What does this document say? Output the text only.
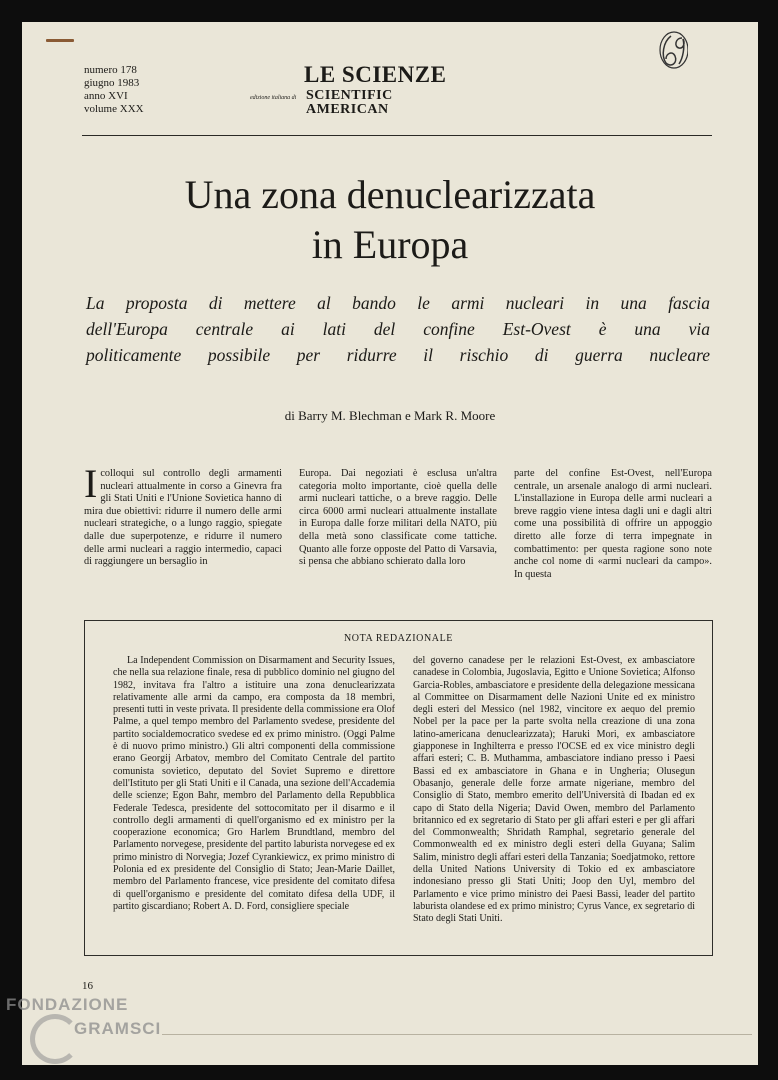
numero 178
giugno 1983
anno XVI
volume XXX
LE SCIENZE
edizione italiana di SCIENTIFIC
AMERICAN
Una zona denuclearizzata
in Europa
La proposta di mettere al bando le armi nucleari in una fascia
dell'Europa centrale ai lati del confine Est-Ovest è una via
politicamente possibile per ridurre il rischio di guerra nucleare
di Barry M. Blechman e Mark R. Moore
Icolloqui sul controllo degli armamenti nucleari attualmente in corso a Ginevra fra gli Stati Uniti e l'Unione Sovietica hanno di mira due obiettivi: ridurre il numero delle armi nucleari strategiche, o a lungo raggio, spiegate dalle due superpotenze, e ridurre il numero delle armi nucleari a raggio intermedio, capaci di raggiungere un bersaglio in
Europa. Dai negoziati è esclusa un'altra categoria molto importante, cioè quella delle armi nucleari tattiche, o a breve raggio. Delle circa 6000 armi nucleari attualmente installate in Europa dalle forze militari della NATO, più della metà sono classificate come tattiche. Quanto alle forze opposte del Patto di Varsavia, si pensa che abbiano schierato dalla loro
parte del confine Est-Ovest, nell'Europa centrale, un arsenale analogo di armi nucleari. L'installazione in Europa delle armi nucleari a breve raggio viene intesa dagli uni e dagli altri come una possibilità di offrire un appoggio diretto alle forze di terra impegnate in combattimento: per questa ragione sono note anche col nome di «armi nucleari da campo». In questa
NOTA REDAZIONALE

La Independent Commission on Disarmament and Security Issues, che nella sua relazione finale, resa di pubblico dominio nel giugno del 1982, invitava fra l'altro a istituire una zona denuclearizzata relativamente alle armi da campo, era composta da 18 membri, presenti tutti in veste privata. Il presidente della commissione era Olof Palme, a quel tempo membro del Parlamento svedese, presidente del partito socialdemocratico svedese ed ex primo ministro. (Oggi Palme è di nuovo primo ministro.) Gli altri componenti della commissione erano Georgij Arbatov, membro del Comitato Centrale del partito comunista sovietico, deputato del Soviet Supremo e direttore dell'Istituto per gli Stati Uniti e il Canada, una sezione dell'Accademia delle scienze; Egon Bahr, membro del Parlamento della Repubblica Federale Tedesca, presidente del sottocomitato per il disarmo e il controllo degli armamenti di quell'organismo ed ex ministro per la cooperazione economica; Gro Harlem Brundtland, membro del Parlamento norvegese, presidente del partito laburista norvegese ed ex primo ministro di Norvegia; Jozef Cyrankiewicz, ex primo ministro di Polonia ed ex presidente del Consiglio di Stato; Jean-Marie Daillet, membro del Parlamento francese, vice presidente del comitato difesa di quell'organismo e presidente del comitato difesa della UDF, il partito giscardiano; Robert A. D. Ford, consigliere speciale

del governo canadese per le relazioni Est-Ovest, ex ambasciatore canadese in Colombia, Jugoslavia, Egitto e Unione Sovietica; Alfonso Garcia-Robles, ambasciatore e presidente della delegazione messicana al Committee on Disarmament delle Nazioni Unite ed ex ministro degli esteri del Messico (nel 1982, vincitore ex aequo del premio Nobel per la pace per la parte svolta nella creazione di una zona latino-americana denuclearizzata); Haruki Mori, ex ambasciatore giapponese in Inghilterra e presso l'OCSE ed ex vice ministro degli affari esteri; C. B. Muthamma, ambasciatore indiano presso i Paesi Bassi ed ex ambasciatore in Ghana e in Ungheria; Olusegun Obasanjo, generale delle forze armate nigeriane, membro del Consiglio di Stato, membro emerito dell'Università di Ibadan ed ex capo di Stato della Nigeria; David Owen, membro del Parlamento britannico ed ex segretario di Stato per gli affari esteri e per gli affari del Commonwealth; Shridath Ramphal, segretario generale del Commonwealth ed ex ministro degli esteri della Guyana; Salim Salim, ministro degli affari esteri della Tanzania; Soedjatmoko, rettore della United Nations University di Tokio ed ex ambasciatore indonesiano presso gli Stati Uniti; Joop den Uyl, membro del Parlamento e vice primo ministro dei Paesi Bassi, leader del partito laburista olandese ed ex primo ministro; Cyrus Vance, ex segretario di Stato degli Stati Uniti.

16
FONDAZIONE
GRAMSCI
